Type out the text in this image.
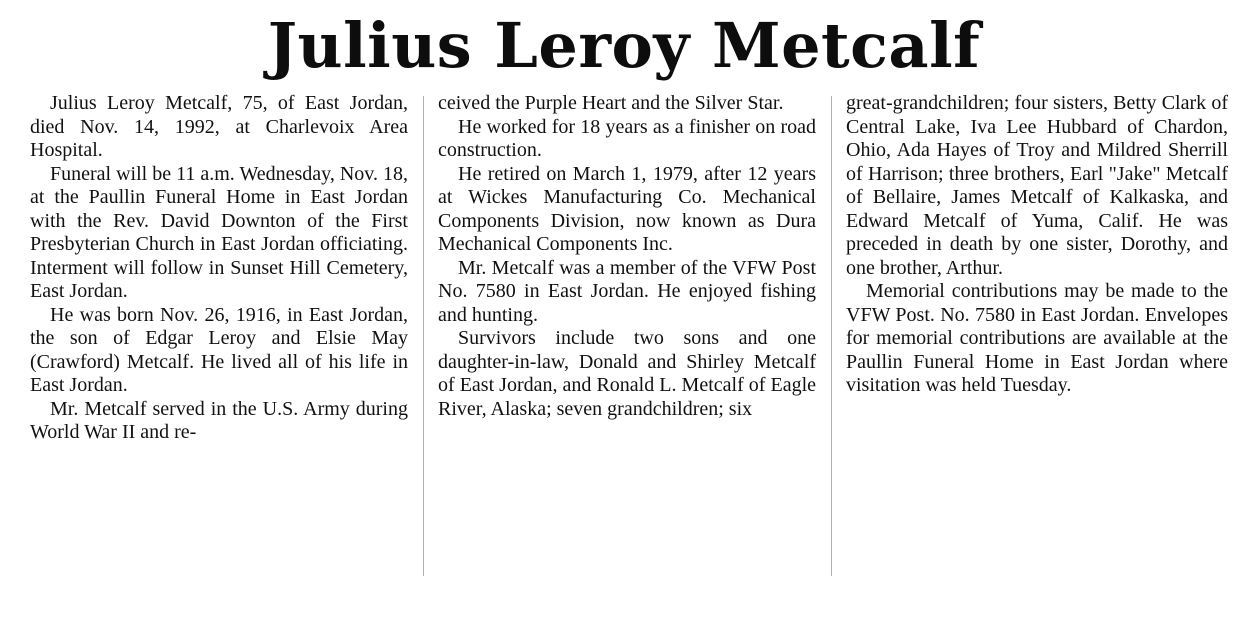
Julius Leroy Metcalf

Julius Leroy Metcalf, 75, of East Jordan, died Nov. 14, 1992, at Charlevoix Area Hospital.

Funeral will be 11 a.m. Wednesday, Nov. 18, at the Paullin Funeral Home in East Jordan with the Rev. David Downton of the First Presbyterian Church in East Jordan officiating. Interment will follow in Sunset Hill Cemetery, East Jordan.

He was born Nov. 26, 1916, in East Jordan, the son of Edgar Leroy and Elsie May (Crawford) Metcalf. He lived all of his life in East Jordan.

Mr. Metcalf served in the U.S. Army during World War II and re-

ceived the Purple Heart and the Silver Star.

He worked for 18 years as a finisher on road construction.

He retired on March 1, 1979, after 12 years at Wickes Manufacturing Co. Mechanical Components Division, now known as Dura Mechanical Components Inc.

Mr. Metcalf was a member of the VFW Post No. 7580 in East Jordan. He enjoyed fishing and hunting.

Survivors include two sons and one daughter-in-law, Donald and Shirley Metcalf of East Jordan, and Ronald L. Metcalf of Eagle River, Alaska; seven grandchildren; six

great-grandchildren; four sisters, Betty Clark of Central Lake, Iva Lee Hubbard of Chardon, Ohio, Ada Hayes of Troy and Mildred Sherrill of Harrison; three brothers, Earl "Jake" Metcalf of Bellaire, James Metcalf of Kalkaska, and Edward Metcalf of Yuma, Calif. He was preceded in death by one sister, Dorothy, and one brother, Arthur.

Memorial contributions may be made to the VFW Post. No. 7580 in East Jordan. Envelopes for memorial contributions are available at the Paullin Funeral Home in East Jordan where visitation was held Tuesday.
